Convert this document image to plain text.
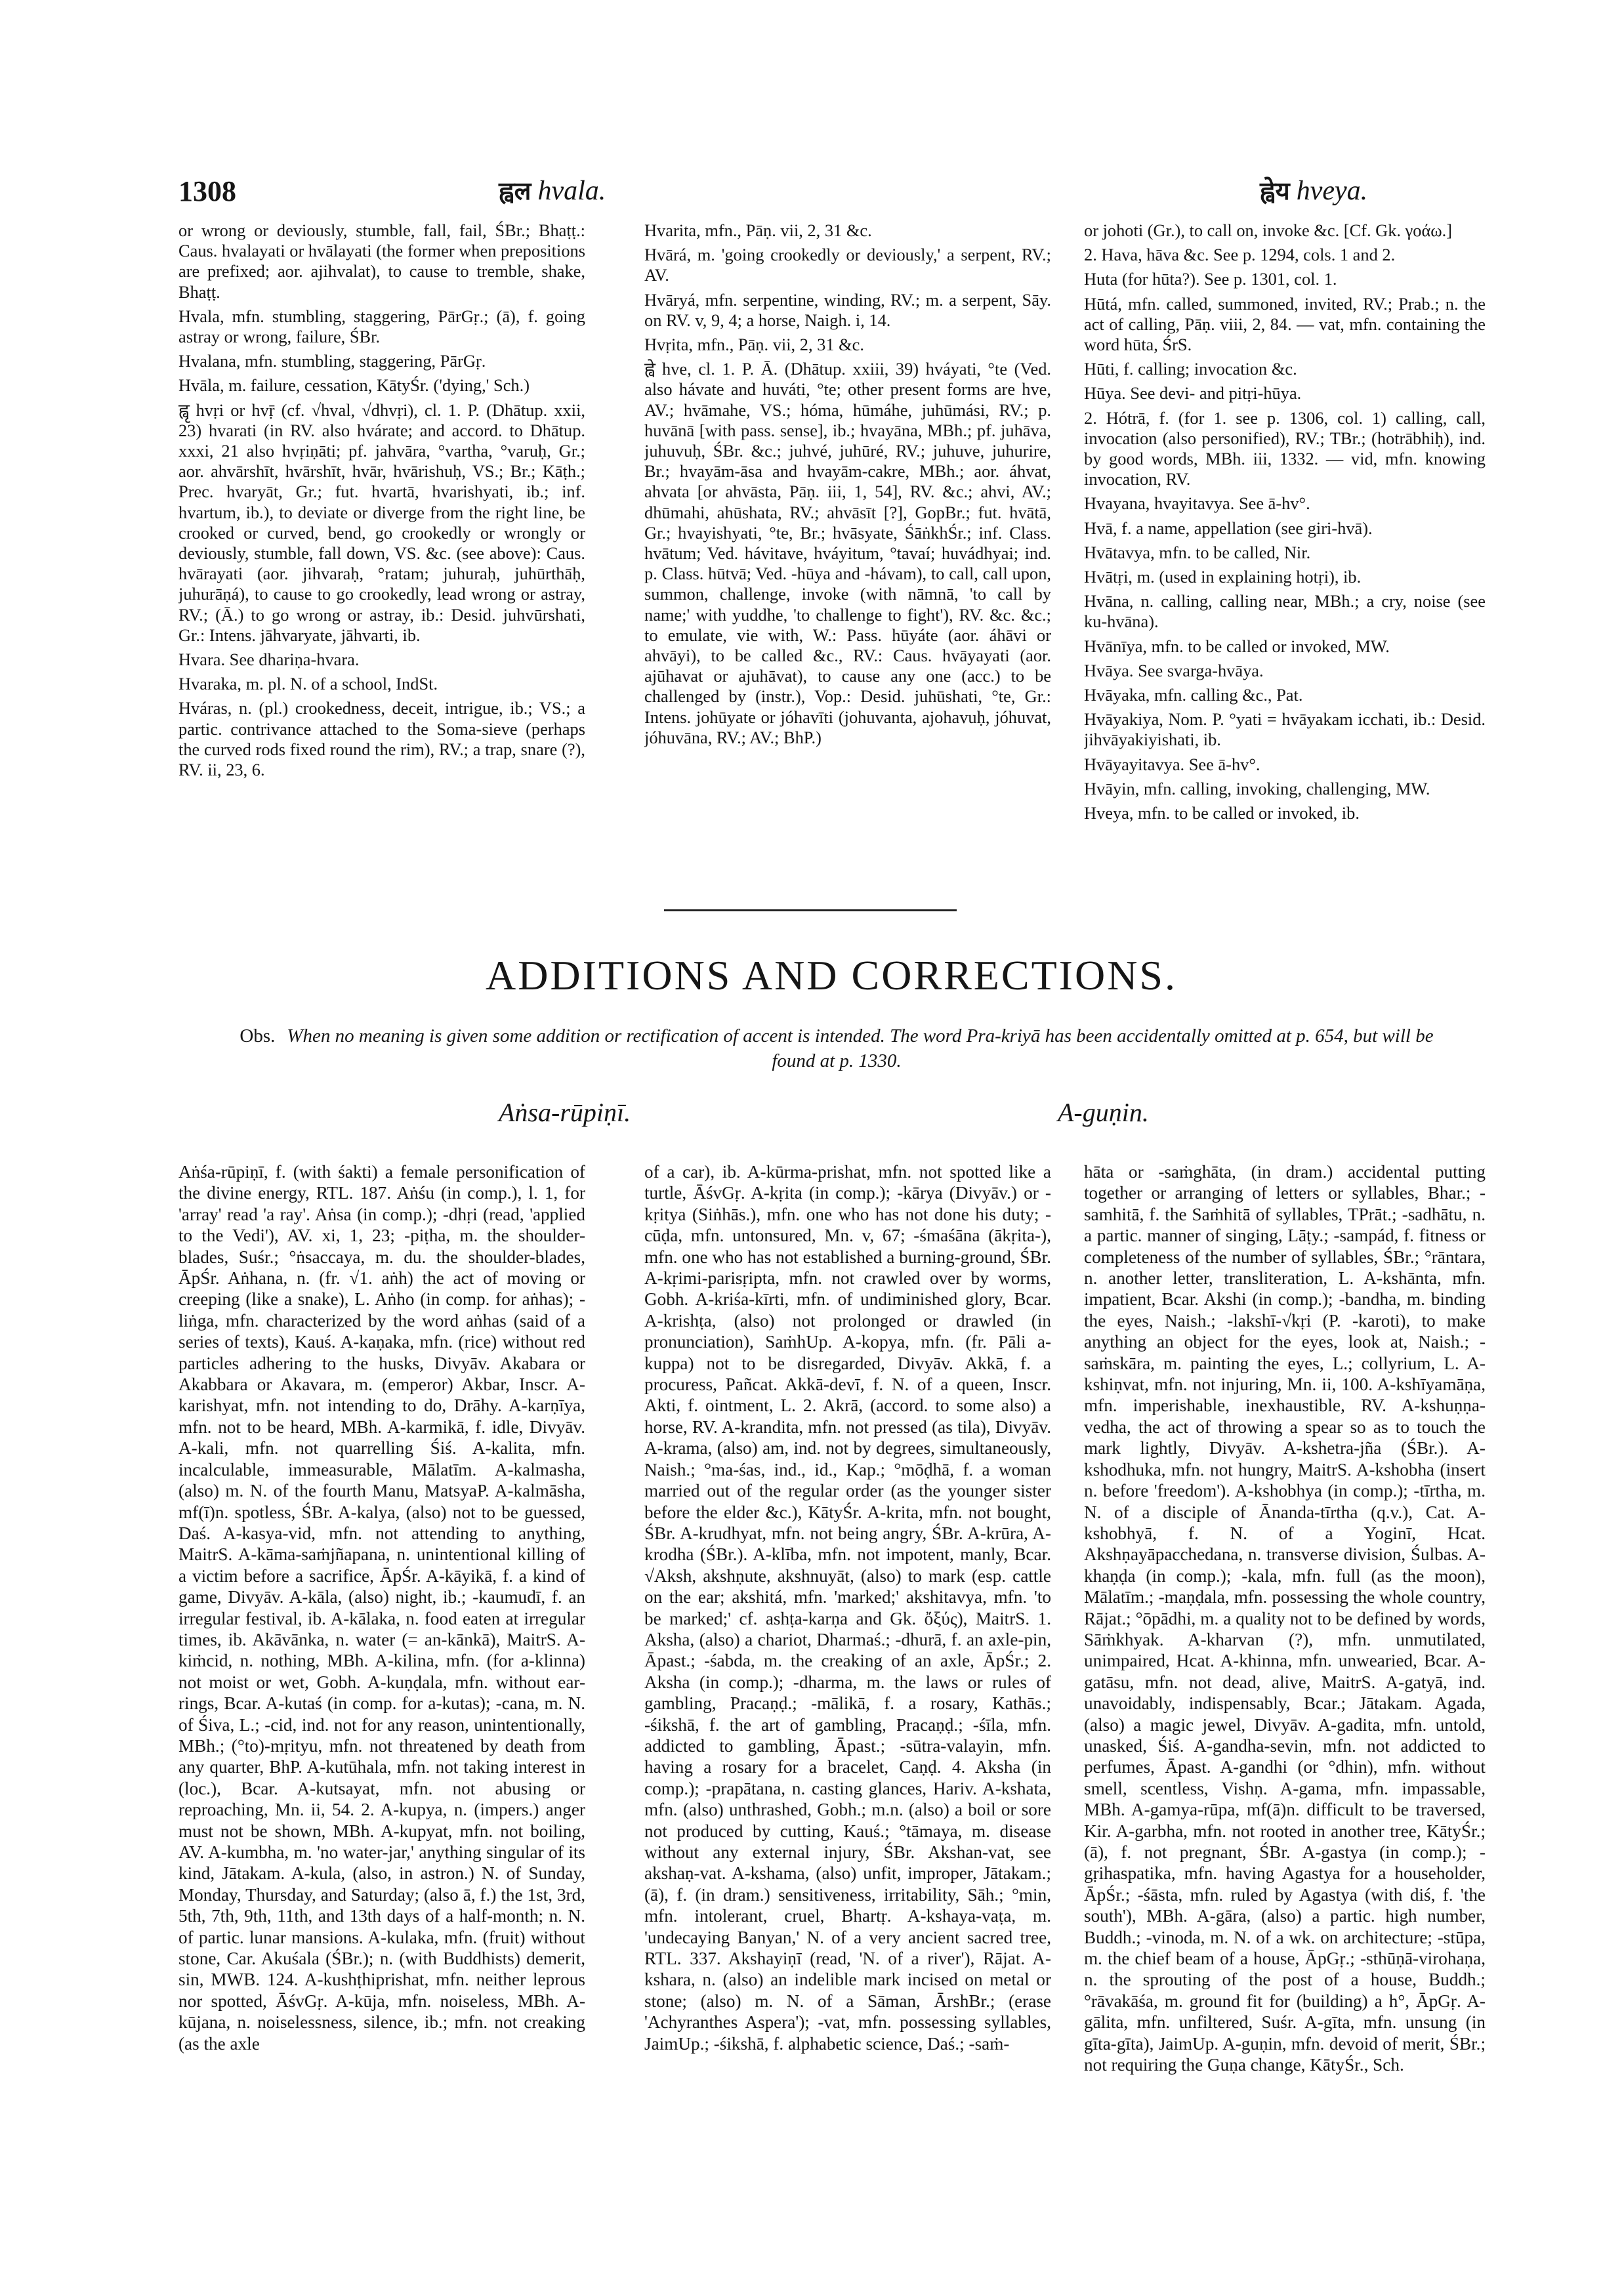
1308	ह्वल hvala.	ह्वेय hveya.

or wrong or deviously, stumble, fall, fail, ŚBr.; Bhaṭṭ.: Caus. hvalayati or hvālayati (the former when prepositions are prefixed; aor. ajihvalat), to cause to tremble, shake, Bhaṭṭ.

Hvala, mfn. stumbling, staggering, PārGṛ.; (ā), f. going astray or wrong, failure, ŚBr.

Hvalana, mfn. stumbling, staggering, PārGṛ.

Hvāla, m. failure, cessation, KātyŚr. ('dying,' Sch.)

ह्वृ hvṛi or hvṝ (cf. √hval, √dhvṛi), cl. 1. P. (Dhātup. xxii, 23) hvarati (in RV. also hvárate; and accord. to Dhātup. xxxi, 21 also hvṛiṇāti; pf. jahvāra, °vartha, °varuḥ, Gr.; aor. ahvārshīt, hvārshīt, hvār, hvārishuḥ, VS.; Br.; Kāṭh.; Prec. hvaryāt, Gr.; fut. hvartā, hvarishyati, ib.; inf. hvartum, ib.), to deviate or diverge from the right line, be crooked or curved, bend, go crookedly or wrongly or deviously, stumble, fall down, VS. &c. (see above): Caus. hvārayati (aor. jihvaraḥ, °ratam; juhuraḥ, juhūrthāḥ, juhurāṇá), to cause to go crookedly, lead wrong or astray, RV.; (Ā.) to go wrong or astray, ib.: Desid. juhvūrshati, Gr.: Intens. jāhvaryate, jāhvarti, ib.

Hvara. See dhariṇa-hvara.

Hvaraka, m. pl. N. of a school, IndSt.

Hváras, n. (pl.) crookedness, deceit, intrigue, ib.; VS.; a partic. contrivance attached to the Soma-sieve (perhaps the curved rods fixed round the rim), RV.; a trap, snare (?), RV. ii, 23, 6.

Hvarita, mfn., Pāṇ. vii, 2, 31 &c.

Hvārá, m. 'going crookedly or deviously,' a serpent, RV.; AV.

Hvāryá, mfn. serpentine, winding, RV.; m. a serpent, Sāy. on RV. v, 9, 4; a horse, Naigh. i, 14.

Hvṛita, mfn., Pāṇ. vii, 2, 31 &c.

ह्वे hve, cl. 1. P. Ā. (Dhātup. xxiii, 39) hváyati, °te (Ved. also hávate and huváti, °te; other present forms are hve, AV.; hvāmahe, VS.; hóma, hūmáhe, juhūmási, RV.; p. huvānā [with pass. sense], ib.; hvayāna, MBh.; pf. juhāva, juhuvuḥ, ŚBr. &c.; juhvé, juhūré, RV.; juhuve, juhurire, Br.; hvayām-āsa and hvayām-cakre, MBh.; aor. áhvat, ahvata [or ahvāsta, Pāṇ. iii, 1, 54], RV. &c.; ahvi, AV.; dhūmahi, ahūshata, RV.; ahvāsīt [?], GopBr.; fut. hvātā, Gr.; hvayishyati, °te, Br.; hvāsyate, ŚāṅkhŚr.; inf. Class. hvātum; Ved. hávitave, hváyitum, °tavaí; huvádhyai; ind. p. Class. hūtvā; Ved. -hūya and -hávam), to call, call upon, summon, challenge, invoke (with nāmnā, 'to call by name;' with yuddhe, 'to challenge to fight'), RV. &c. &c.; to emulate, vie with, W.: Pass. hūyáte (aor. áhāvi or ahvāyi), to be called &c., RV.: Caus. hvāyayati (aor. ajūhavat or ajuhāvat), to cause any one (acc.) to be challenged by (instr.), Vop.: Desid. juhūshati, °te, Gr.: Intens. johūyate or jóhavīti (johuvanta, ajohavuḥ, jóhuvat, jóhuvāna, RV.; AV.; BhP.)

or johoti (Gr.), to call on, invoke &c. [Cf. Gk. γοάω.]

2. Hava, hāva &c. See p. 1294, cols. 1 and 2.

Huta (for hūta?). See p. 1301, col. 1.

Hūtá, mfn. called, summoned, invited, RV.; Prab.; n. the act of calling, Pāṇ. viii, 2, 84. — vat, mfn. containing the word hūta, ŚrS.

Hūti, f. calling; invocation &c.

Hūya. See devi- and pitṛi-hūya.

2. Hótrā, f. (for 1. see p. 1306, col. 1) calling, call, invocation (also personified), RV.; TBr.; (hotrābhiḥ), ind. by good words, MBh. iii, 1332. — vid, mfn. knowing invocation, RV.

Hvayana, hvayitavya. See ā-hv°.

Hvā, f. a name, appellation (see giri-hvā).

Hvātavya, mfn. to be called, Nir.

Hvātṛi, m. (used in explaining hotṛi), ib.

Hvāna, n. calling, calling near, MBh.; a cry, noise (see ku-hvāna).

Hvānīya, mfn. to be called or invoked, MW.

Hvāya. See svarga-hvāya.

Hvāyaka, mfn. calling &c., Pat.

Hvāyakiya, Nom. P. °yati = hvāyakam icchati, ib.: Desid. jihvāyakiyishati, ib.

Hvāyayitavya. See ā-hv°.

Hvāyin, mfn. calling, invoking, challenging, MW.

Hveya, mfn. to be called or invoked, ib.

ADDITIONS AND CORRECTIONS.
Obs. When no meaning is given some addition or rectification of accent is intended. The word Pra-kriyā has been accidentally omitted at p. 654, but will be found at p. 1330.
Aṅsa-rūpiṇī.	A-guṇin.

Aṅśa-rūpiṇī, f. (with śakti) a female personification of the divine energy, RTL. 187. Aṅśu (in comp.), l. 1, for 'array' read 'a ray'. Aṅsa (in comp.); -dhṛi (read, 'applied to the Vedi'), AV. xi, 1, 23; -piṭha, m. the shoulder-blades, Suśr.; °ṅsaccaya, m. du. the shoulder-blades, ĀpŚr. Aṅhana, n. (fr. √1. aṅh) the act of moving or creeping (like a snake), L. Aṅho (in comp. for aṅhas); -liṅga, mfn. characterized by the word aṅhas (said of a series of texts), Kauś. A-kaṇaka, mfn. (rice) without red particles adhering to the husks, Divyāv. Akabara or Akabbara or Akavara, m. (emperor) Akbar, Inscr. A-karishyat, mfn. not intending to do, Drāhy. A-karṇīya, mfn. not to be heard, MBh. A-karmikā, f. idle, Divyāv. A-kali, mfn. not quarrelling Śiś. A-kalita, mfn. incalculable, immeasurable, Mālatīm. A-kalmasha, (also) m. N. of the fourth Manu, MatsyaP. A-kalmāsha, mf(ī)n. spotless, ŚBr. A-kalya, (also) not to be guessed, Daś. A-kasya-vid, mfn. not attending to anything, MaitrS. A-kāma-saṁjñapana, n. unintentional killing of a victim before a sacrifice, ĀpŚr. A-kāyikā, f. a kind of game, Divyāv. A-kāla, (also) night, ib.; -kaumudī, f. an irregular festival, ib. A-kālaka, n. food eaten at irregular times, ib. Akāvānka, n. water (= an-kānkā), MaitrS. A-kiṁcid, n. nothing, MBh. A-kilina, mfn. (for a-klinna) not moist or wet, Gobh. A-kuṇḍala, mfn. without ear-rings, Bcar. A-kutaś (in comp. for a-kutas); -cana, m. N. of Śiva, L.; -cid, ind. not for any reason, unintentionally, MBh.; (°to)-mṛityu, mfn. not threatened by death from any quarter, BhP. A-kutūhala, mfn. not taking interest in (loc.), Bcar. A-kutsayat, mfn. not abusing or reproaching, Mn. ii, 54. 2. A-kupya, n. (impers.) anger must not be shown, MBh. A-kupyat, mfn. not boiling, AV. A-kumbha, m. 'no water-jar,' anything singular of its kind, Jātakam. A-kula, (also, in astron.) N. of Sunday, Monday, Thursday, and Saturday; (also ā, f.) the 1st, 3rd, 5th, 7th, 9th, 11th, and 13th days of a half-month; n. N. of partic. lunar mansions. A-kulaka, mfn. (fruit) without stone, Car. Akuśala (ŚBr.); n. (with Buddhists) demerit, sin, MWB. 124. A-kushṭhiprishat, mfn. neither leprous nor spotted, ĀśvGṛ. A-kūja, mfn. noiseless, MBh. A-kūjana, n. noiselessness, silence, ib.; mfn. not creaking (as the axle

of a car), ib. A-kūrma-prishat, mfn. not spotted like a turtle, ĀśvGṛ. A-kṛita (in comp.); -kārya (Divyāv.) or -kṛitya (Siṅhās.), mfn. one who has not done his duty; -cūḍa, mfn. untonsured, Mn. v, 67; -śmaśāna (ākṛita-), mfn. one who has not established a burning-ground, ŚBr. A-kṛimi-parisṛipta, mfn. not crawled over by worms, Gobh. A-kriśa-kīrti, mfn. of undiminished glory, Bcar. A-krishṭa, (also) not prolonged or drawled (in pronunciation), SaṁhUp. A-kopya, mfn. (fr. Pāli a-kuppa) not to be disregarded, Divyāv. Akkā, f. a procuress, Pañcat. Akkā-devī, f. N. of a queen, Inscr. Akti, f. ointment, L. 2. Akrā, (accord. to some also) a horse, RV. A-krandita, mfn. not pressed (as tila), Divyāv. A-krama, (also) am, ind. not by degrees, simultaneously, Naish.; °ma-śas, ind., id., Kap.; °mōḍhā, f. a woman married out of the regular order (as the younger sister before the elder &c.), KātyŚr. A-krita, mfn. not bought, ŚBr. A-krudhyat, mfn. not being angry, ŚBr. A-krūra, A-krodha (ŚBr.). A-klība, mfn. not impotent, manly, Bcar. √Aksh, akshṇute, akshnuyāt, (also) to mark (esp. cattle on the ear; akshitá, mfn. 'marked;' akshitavya, mfn. 'to be marked;' cf. ashṭa-karṇa and Gk. ὄξύς), MaitrS. 1. Aksha, (also) a chariot, Dharmaś.; -dhurā, f. an axle-pin, Āpast.; -śabda, m. the creaking of an axle, ĀpŚr.; 2. Aksha (in comp.); -dharma, m. the laws or rules of gambling, Pracaṇḍ.; -mālikā, f. a rosary, Kathās.; -śikshā, f. the art of gambling, Pracaṇḍ.; -śīla, mfn. addicted to gambling, Āpast.; -sūtra-valayin, mfn. having a rosary for a bracelet, Caṇḍ. 4. Aksha (in comp.); -prapātana, n. casting glances, Hariv. A-kshata, mfn. (also) unthrashed, Gobh.; m.n. (also) a boil or sore not produced by cutting, Kauś.; °tāmaya, m. disease without any external injury, ŚBr. Akshan-vat, see akshaṇ-vat. A-kshama, (also) unfit, improper, Jātakam.; (ā), f. (in dram.) sensitiveness, irritability, Sāh.; °min, mfn. intolerant, cruel, Bhartṛ. A-kshaya-vaṭa, m. 'undecaying Banyan,' N. of a very ancient sacred tree, RTL. 337. Akshayiṇī (read, 'N. of a river'), Rājat. A-kshara, n. (also) an indelible mark incised on metal or stone; (also) m. N. of a Sāman, ĀrshBr.; (erase 'Achyranthes Aspera'); -vat, mfn. possessing syllables, JaimUp.; -śikshā, f. alphabetic science, Daś.; -saṁ-

hāta or -saṁghāta, (in dram.) accidental putting together or arranging of letters or syllables, Bhar.; -samhitā, f. the Saṁhitā of syllables, TPrāt.; -sadhātu, n. a partic. manner of singing, Lāṭy.; -sampád, f. fitness or completeness of the number of syllables, ŚBr.; °rāntara, n. another letter, transliteration, L. A-kshānta, mfn. impatient, Bcar. Akshi (in comp.); -bandha, m. binding the eyes, Naish.; -lakshī-√kṛi (P. -karoti), to make anything an object for the eyes, look at, Naish.; -saṁskāra, m. painting the eyes, L.; collyrium, L. A-kshiṇvat, mfn. not injuring, Mn. ii, 100. A-kshīyamāṇa, mfn. imperishable, inexhaustible, RV. A-kshuṇṇa-vedha, the act of throwing a spear so as to touch the mark lightly, Divyāv. A-kshetra-jña (ŚBr.). A-kshodhuka, mfn. not hungry, MaitrS. A-kshobha (insert n. before 'freedom'). A-kshobhya (in comp.); -tīrtha, m. N. of a disciple of Ānanda-tīrtha (q.v.), Cat. A-kshobhyā, f. N. of a Yoginī, Hcat. Akshṇayāpacchedana, n. transverse division, Śulbas. A-khaṇḍa (in comp.); -kala, mfn. full (as the moon), Mālatīm.; -maṇḍala, mfn. possessing the whole country, Rājat.; °ōpādhi, m. a quality not to be defined by words, Sāṁkhyak. A-kharvan (?), mfn. unmutilated, unimpaired, Hcat. A-khinna, mfn. unwearied, Bcar. A-gatāsu, mfn. not dead, alive, MaitrS. A-gatyā, ind. unavoidably, indispensably, Bcar.; Jātakam. Agada, (also) a magic jewel, Divyāv. A-gadita, mfn. untold, unasked, Śiś. A-gandha-sevin, mfn. not addicted to perfumes, Āpast. A-gandhi (or °dhin), mfn. without smell, scentless, Vishṇ. A-gama, mfn. impassable, MBh. A-gamya-rūpa, mf(ā)n. difficult to be traversed, Kir. A-garbha, mfn. not rooted in another tree, KātyŚr.; (ā), f. not pregnant, ŚBr. A-gastya (in comp.); -gṛihaspatika, mfn. having Agastya for a householder, ĀpŚr.; -śāsta, mfn. ruled by Agastya (with diś, f. 'the south'), MBh. A-gāra, (also) a partic. high number, Buddh.; -vinoda, m. N. of a wk. on architecture; -stūpa, m. the chief beam of a house, ĀpGṛ.; -sthūṇā-virohaṇa, n. the sprouting of the post of a house, Buddh.; °rāvakāśa, m. ground fit for (building) a h°, ĀpGṛ. A-gālita, mfn. unfiltered, Suśr. A-gīta, mfn. unsung (in gīta-gīta), JaimUp. A-guṇin, mfn. devoid of merit, ŚBr.; not requiring the Guṇa change, KātyŚr., Sch.
